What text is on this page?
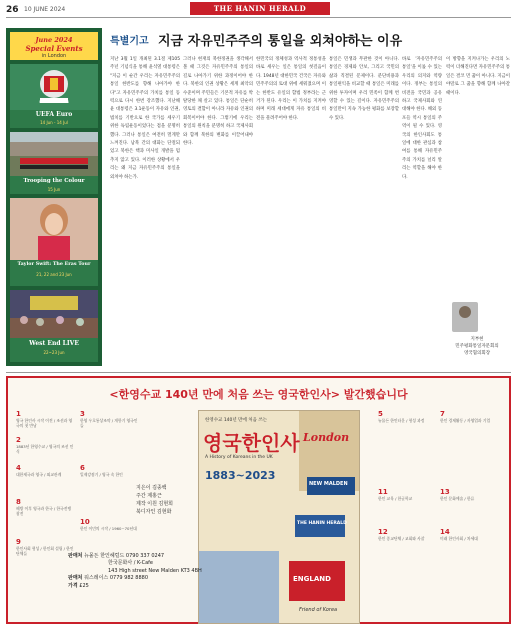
26 10 JUNE 2024	THE HANIN HERALD
June 2024
Special Events
in London
UEFA EURO 2024
UEFA Euro
14 Jun - 14 Jul
Trooping the Colour
15 Jun
Taylor Swift: The Eras Tour
21, 22 and 23 Jun
West End LIVE
22~23 Jun
특별기고 지금 자유민주주의 통일을 외쳐야하는 이유
지난 3월 1일 개최된 3.1절 제105주년 기념식을 통해 윤석열 대통령은 "지금 이 순간 우리는 자유민주주의 통일 한반도를 향해 나아가야 한다"고 자유민주주의 가치를 통일 동력으로 다시 한번 강조했다. 지난해 윤 대통령은 3.1운동이 자유와 인권, 법치를 기반으로 한 국가를 세우기 위한 독립운동이었다는 점을 분명히 했다. 그러나 통일은 여전히 멀게만 느껴진다. 남북 간의 대화는 단절되었고 북한은 핵과 미사일 개발을 멈추지 않고 있다. 이러한 상황에서 우리는 왜 지금 자유민주주의 통일을 외쳐야 하는가.
그러나 현재의 북한정권을 생각해서 볼 때 그것은 자유민주주의 통일의 길로 나아가기 위한 과정이어야 한다. 북한의 인권 상황은 세계 최악의 수준이며 주민들은 기본적 자유를 박탈당한 채 살고 있다. 통일은 단순히 영토의 결합이 아니라 자유와 인권의 회복이어야 한다. 그렇기에 우리는 통일의 원칙을 분명히 하고 국제사회와 함께 북한의 변화를 이끌어내야 한다.
한민국의 정체성과 역사적 정통성을 바로 세우는 일은 통일의 첫걸음이다. 1948년 대한민국 건국은 자유와 민주주의의 토대 위에 세워졌으며 이는 한반도 유일의 합법 정부라는 근거가 된다. 우리는 이 가치를 지켜야 하며 미래 세대에게 자유 통일의 비전을 물려주어야 한다.
통일은 민생과 무관한 것이 아니다. 통일은 경제와 안보, 그리고 국민의 삶과 직결된 문제이다. 분단비용과 통일편익을 비교할 때 통일은 미래를 위한 투자이며 우리 민족이 함께 번영할 수 있는 길이다. 자유민주주의 통일만이 지속 가능한 평화를 보장할 수 있다.
바로 '자유민주주의 통일'을 이룰 수 있는 우리의 의지와 역량이다. 정부는 통일의 비전을 국민과 공유하고 국제사회와 연대해야 한다. 해외 동포들 역시 통일의 주역이 될 수 있다. 영국의 한인사회도 통일에 대한 관심과 참여를 통해 자유민주주의 가치를 널리 알리는 역할을 해야 한다.
이 방향을 지켜나가는 우리의 노력이 더해진다면 자유민주주의 통일은 결코 먼 꿈이 아니다. 지금이야말로 그 꿈을 향해 함께 나아갈 때이다.
지부현
민주평화통일자문회의
영국협의회장
<한영수교 140년 만에 처음 쓰는 영국한인사> 발간했습니다
1
영국 한인사 시작 이전 / 조선과 영국의 첫 만남
3
한영 우호통상조약 / 개항기 영국인들
2
1883년 한영수교 / 영국의 조선 인식
4
대한제국과 영국 / 외교관계
6
일제강점기 / 영국 속 한인
8
해방 이후 영국과 한국 / 한국전쟁 참전
10
한인 이민의 시작 / 1960~70년대
9
한인사회 형성 / 한인회 설립 / 한인 단체들
5
뉴몰든 한인타운 / 형성 과정
7
한인 경제활동 / 자영업과 기업
11
한인 교육 / 한글학교
13
한인 문화예술 / 한류
12
한인 종교단체 / 교회와 사찰
14
미래 한인사회 / 차세대
지은이 김종백
주간 제홍근
제작 이원 김현희
북디자인 김현화
한영수교 140년 만에 처음 쓰는
영국한인사
A History of Koreans in the UK
1883~2023
London
NEW MALDEN
THE HANIN HERALD
ENGLAND
Friend of Korea
판매처 뉴몰든 한인헤럴드 0790 337 0247
한국문화사 / K-Cafe
143 High street New Malden KT3 4BH
판매처 워스레이스 0779 982 8880
가격 £25
